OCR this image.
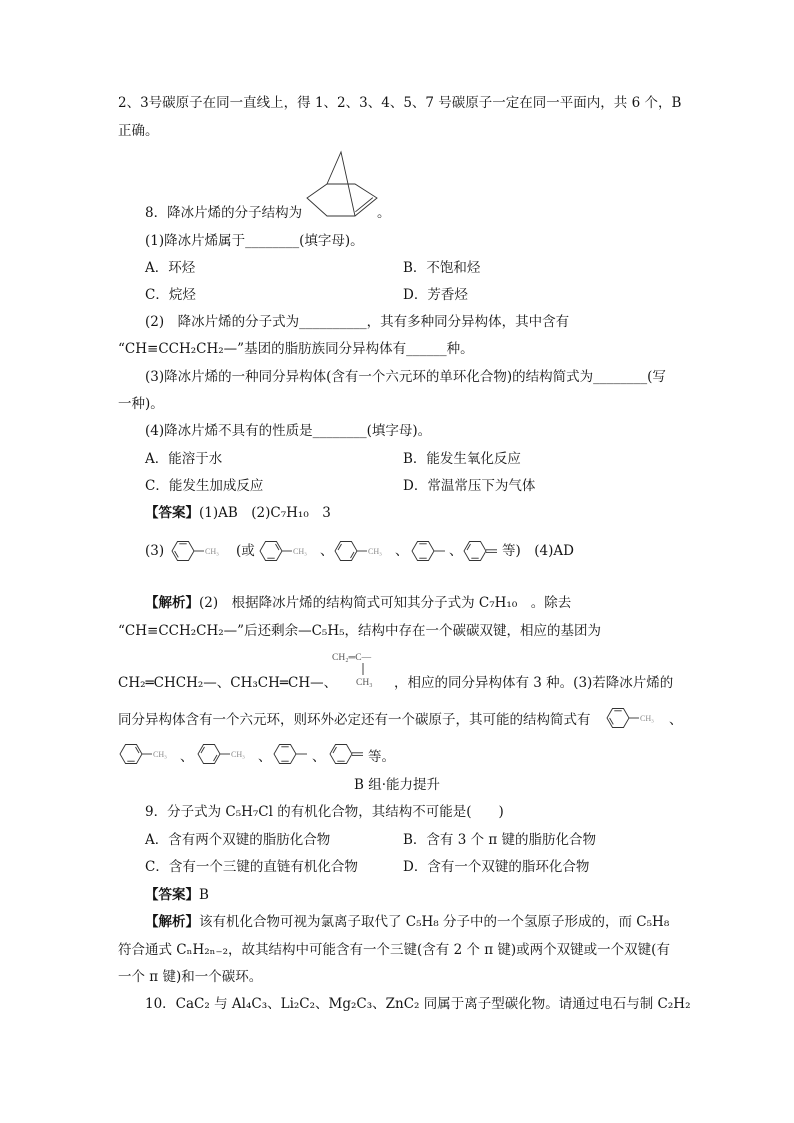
2、3号碳原子在同一直线上，得 1、2、3、4、5、7 号碳原子一定在同一平面内，共 6 个，B
正确。
8．降冰片烯的分子结构为	。
(1)降冰片烯属于________(填字母)。
A．环烃	B．不饱和烃
C．烷烃	D．芳香烃
(2)　降冰片烯的分子式为__________，其有多种同分异构体，其中含有
“CH≡CCH₂CH₂—”基团的脂肪族同分异构体有______种。
(3)降冰片烯的一种同分异构体(含有一个六元环的单环化合物)的结构简式为________(写
一种)。
(4)降冰片烯不具有的性质是________(填字母)。
A．能溶于水	B．能发生氧化反应
C．能发生加成反应	D．常温常压下为气体
【答案】(1)AB　(2)C₇H₁₀　3
(3)	CH₃ (或	CH₃ 、	CH₃ 、	、	等)　(4)AD
【解析】(2)　根据降冰片烯的结构简式可知其分子式为 C₇H₁₀　。除去
“CH≡CCH₂CH₂—”后还剩余—C₅H₅，结构中存在一个碳碳双键，相应的基团为
CH₂═C—
CH₃
CH₂═CHCH₂—、CH₃CH═CH—、	，相应的同分异构体有 3 种。(3)若降冰片烯的
同分异构体含有一个六元环，则环外必定还有一个碳原子，其可能的结构简式有	CH₃ 、
CH₃ 、	CH₃ 、	、	等。
B 组·能力提升
9．分子式为 C₅H₇Cl 的有机化合物，其结构不可能是(　　)
A．含有两个双键的脂肪化合物	B．含有 3 个 π 键的脂肪化合物
C．含有一个三键的直链有机化合物	D．含有一个双键的脂环化合物
【答案】B
【解析】该有机化合物可视为氯离子取代了 C₅H₈ 分子中的一个氢原子形成的，而 C₅H₈
符合通式 CₙH₂ₙ₋₂，故其结构中可能含有一个三键(含有 2 个 π 键)或两个双键或一个双键(有
一个 π 键)和一个碳环。
10．CaC₂ 与 Al₄C₃、Li₂C₂、Mg₂C₃、ZnC₂ 同属于离子型碳化物。请通过电石与制 C₂H₂
